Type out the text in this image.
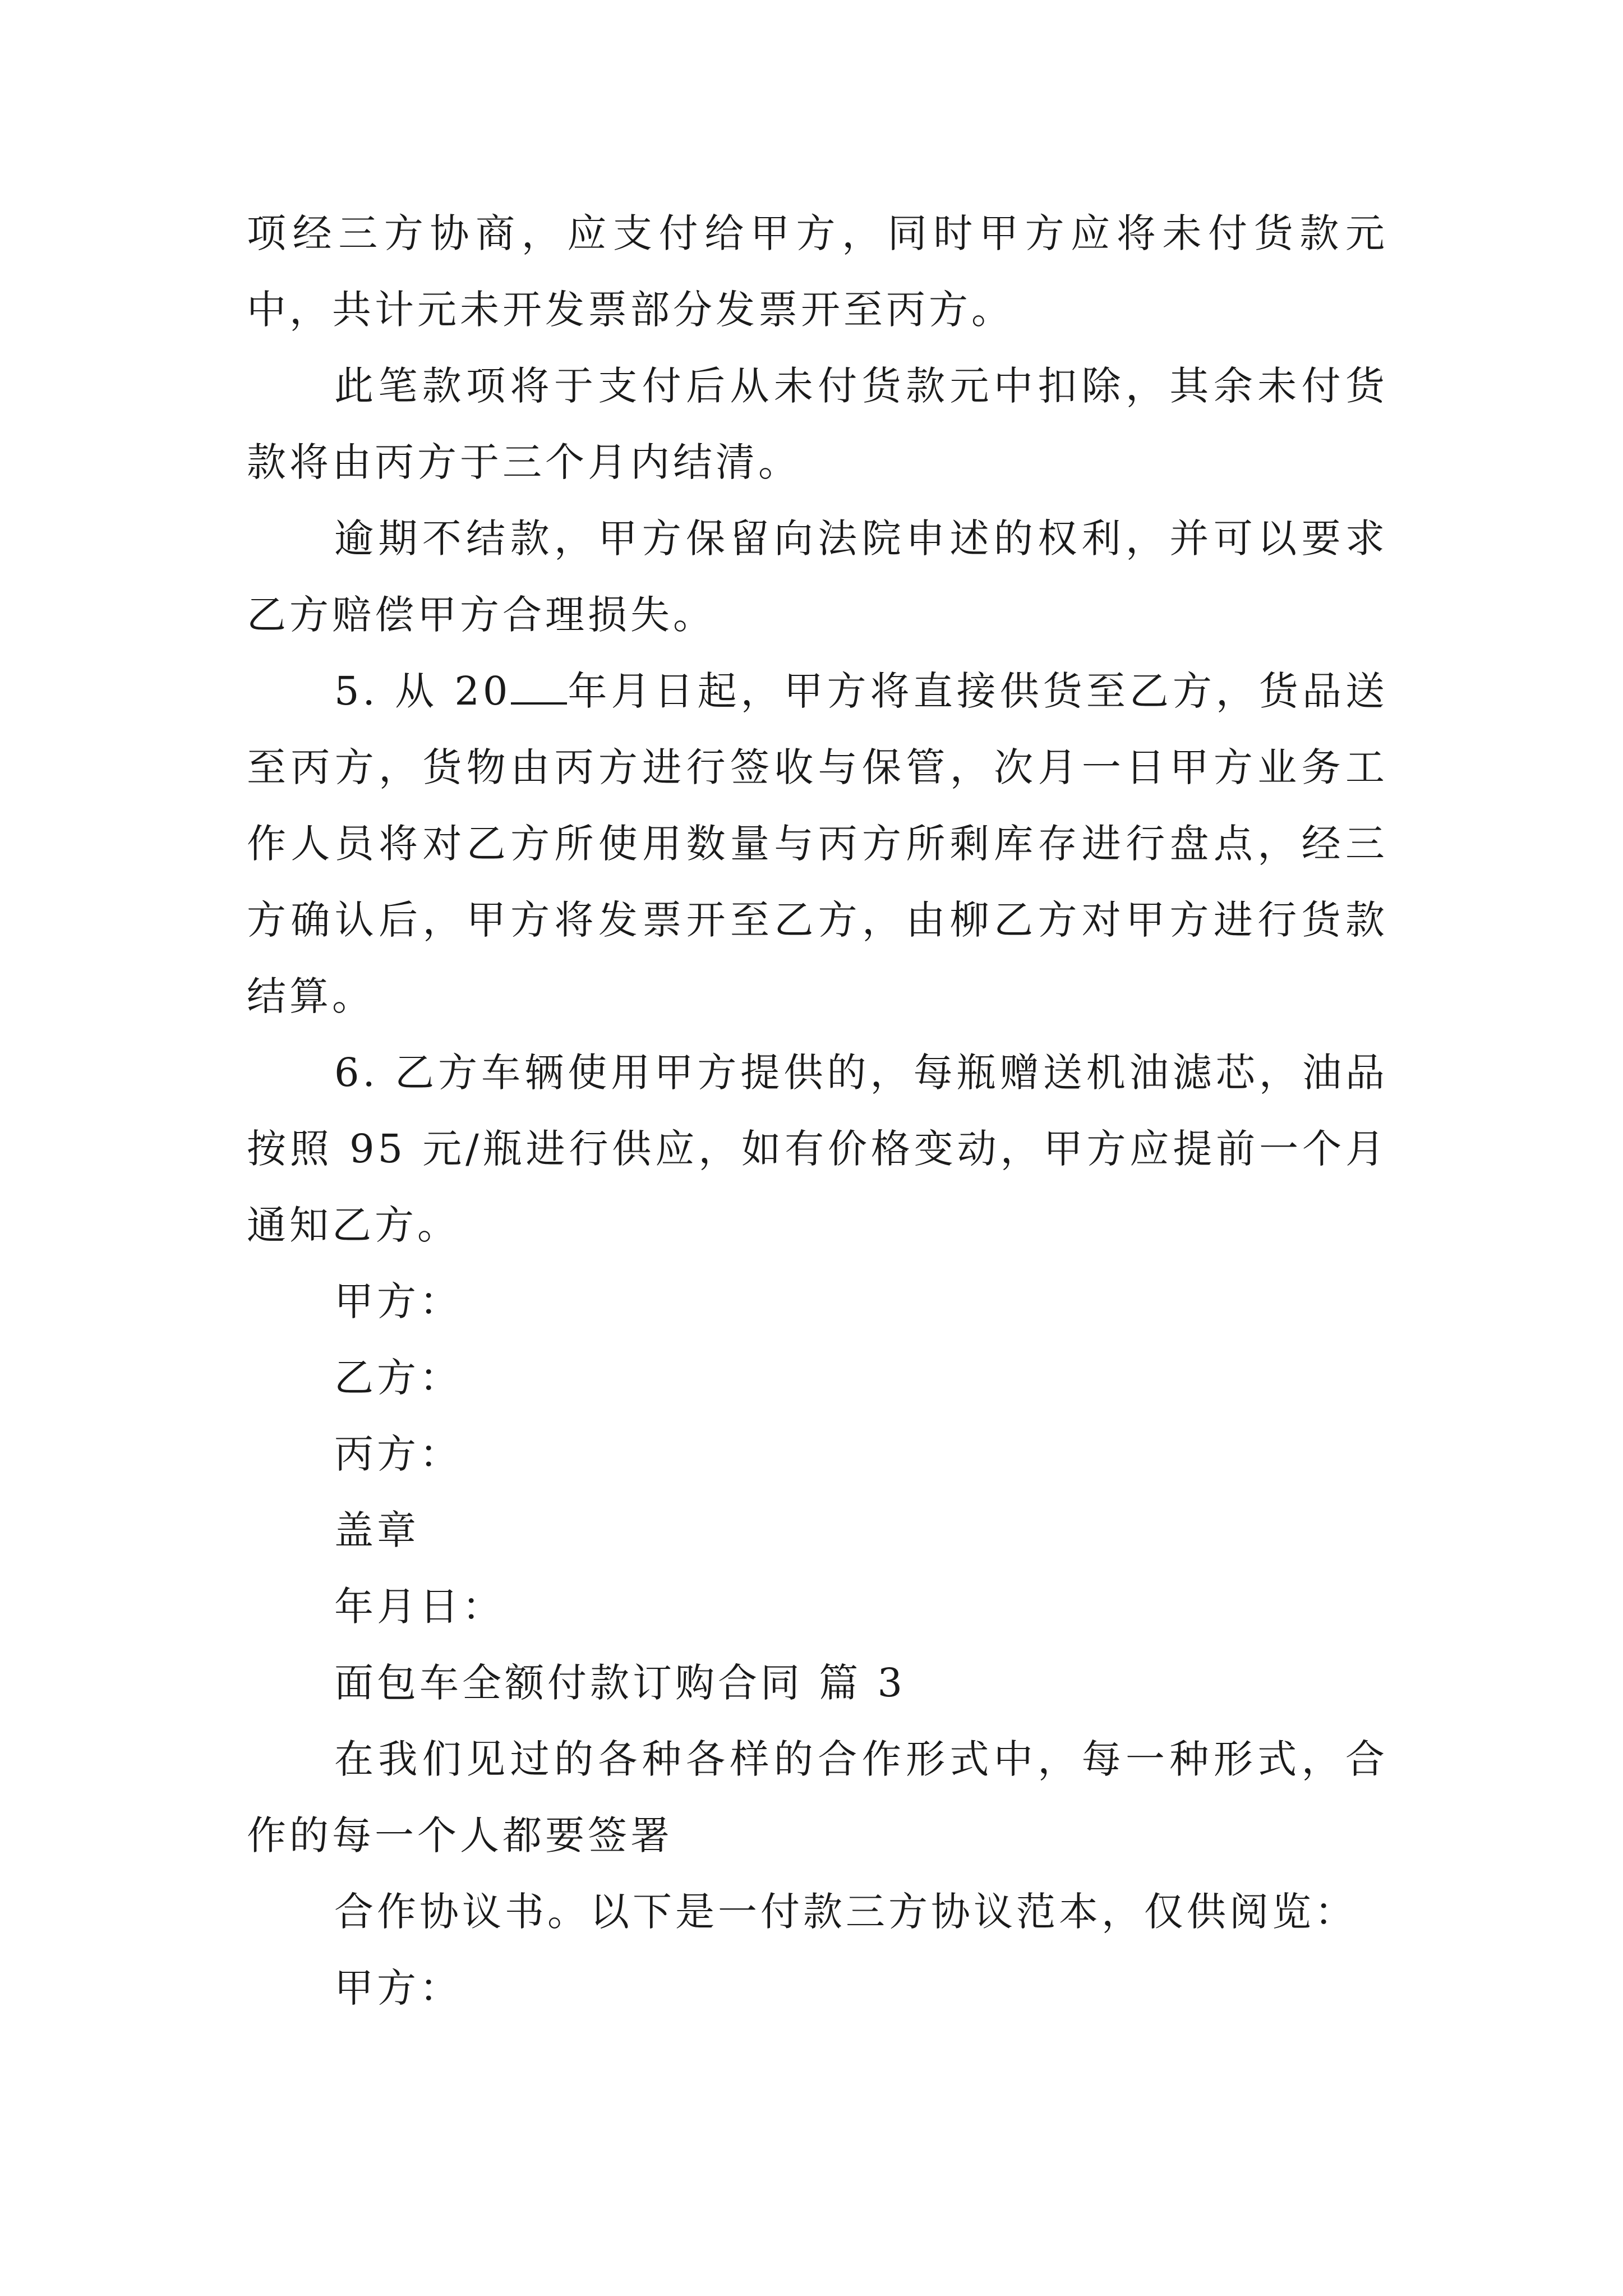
项经三方协商，应支付给甲方，同时甲方应将未付货款元中，共计元未开发票部分发票开至丙方。

此笔款项将于支付后从未付货款元中扣除，其余未付货款将由丙方于三个月内结清。

逾期不结款，甲方保留向法院申述的权利，并可以要求乙方赔偿甲方合理损失。

5. 从 20 年月日起，甲方将直接供货至乙方，货品送至丙方，货物由丙方进行签收与保管，次月一日甲方业务工作人员将对乙方所使用数量与丙方所剩库存进行盘点，经三方确认后，甲方将发票开至乙方，由柳乙方对甲方进行货款结算。

6. 乙方车辆使用甲方提供的，每瓶赠送机油滤芯，油品按照 95 元/瓶进行供应，如有价格变动，甲方应提前一个月通知乙方。

甲方：

乙方：

丙方：

盖章

年月日：

面包车全额付款订购合同 篇 3

在我们见过的各种各样的合作形式中，每一种形式，合作的每一个人都要签署

合作协议书。以下是一付款三方协议范本，仅供阅览：

甲方：
